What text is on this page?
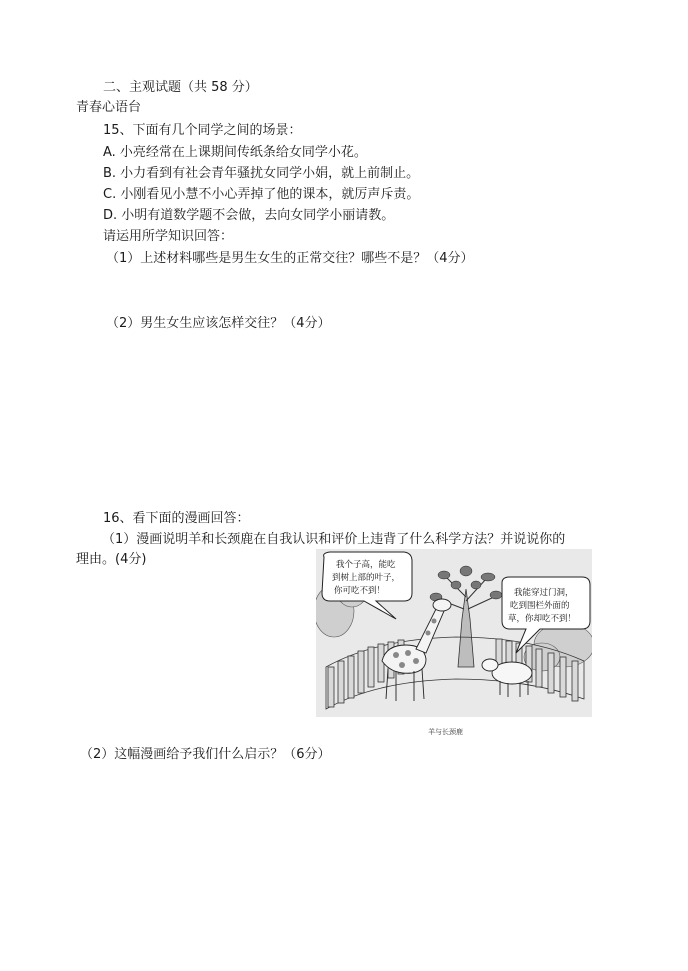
二、主观试题（共 58 分）
青春心语台
15、下面有几个同学之间的场景：
A. 小亮经常在上课期间传纸条给女同学小花。
B. 小力看到有社会青年骚扰女同学小娟，就上前制止。
C. 小刚看见小慧不小心弄掉了他的课本，就厉声斥责。
D. 小明有道数学题不会做，去向女同学小丽请教。
请运用所学知识回答：
（1）上述材料哪些是男生女生的正常交往？哪些不是？（4分）
（2）男生女生应该怎样交往？（4分）
16、看下面的漫画回答：
（1）漫画说明羊和长颈鹿在自我认识和评价上违背了什么科学方法？并说说你的
理由。(4分)	我个子高，能吃
到树上部的叶子，
你可吃不到！	我能穿过门洞，
吃到围栏外面的
草，你却吃不到！
羊与长颈鹿
（2）这幅漫画给予我们什么启示？（6分）
